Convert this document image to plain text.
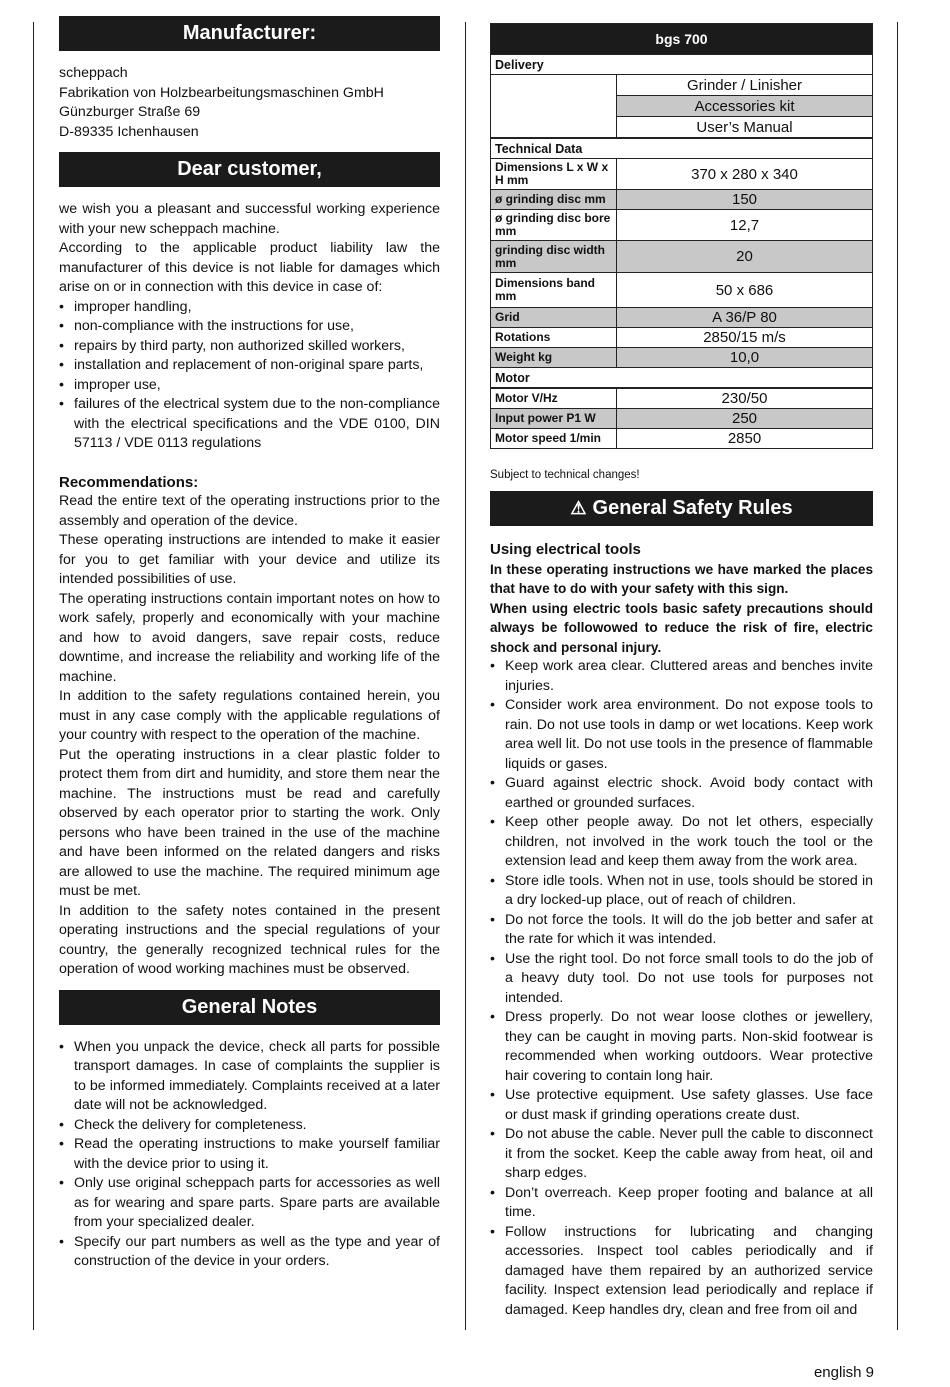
Manufacturer:
scheppach
Fabrikation von Holzbearbeitungsmaschinen GmbH
Günzburger Straße 69
D-89335 Ichenhausen
Dear customer,

we wish you a pleasant and successful working experience with your new scheppach machine.

According to the applicable product liability law the manufacturer of this device is not liable for damages which arise on or in connection with this device in case of:

• improper handling,
• non-compliance with the instructions for use,
• repairs by third party, non authorized skilled workers,
• installation and replacement of non-original spare parts,
• improper use,
• failures of the electrical system due to the non-compliance with the electrical specifications and the VDE 0100, DIN 57113 / VDE 0113 regulations
Recommendations:

Read the entire text of the operating instructions prior to the assembly and operation of the device.

These operating instructions are intended to make it easier for you to get familiar with your device and utilize its intended possibilities of use.

The operating instructions contain important notes on how to work safely, properly and economically with your machine and how to avoid dangers, save repair costs, reduce downtime, and increase the reliability and working life of the machine.

In addition to the safety regulations contained herein, you must in any case comply with the applicable regulations of your country with respect to the operation of the machine.

Put the operating instructions in a clear plastic folder to protect them from dirt and humidity, and store them near the machine. The instructions must be read and carefully observed by each operator prior to starting the work. Only persons who have been trained in the use of the machine and have been informed on the related dangers and risks are allowed to use the machine. The required minimum age must be met.

In addition to the safety notes contained in the present operating instructions and the special regulations of your country, the generally recognized technical rules for the operation of wood working machines must be observed.

General Notes
• When you unpack the device, check all parts for possible transport damages. In case of complaints the supplier is to be informed immediately. Complaints received at a later date will not be acknowledged.
• Check the delivery for completeness.
• Read the operating instructions to make yourself familiar with the device prior to using it.
• Only use original scheppach parts for accessories as well as for wearing and spare parts. Spare parts are available from your specialized dealer.
• Specify our part numbers as well as the type and year of construction of the device in your orders.
bgs 700	
Delivery	
	Grinder / Linisher
	Accessories kit
	User’s Manual
Technical Data	
Dimensions L x W x H mm	370 x 280 x 340
ø grinding disc mm	150
ø grinding disc bore mm	12,7
grinding disc width mm	20
Dimensions band mm	50 x 686
Grid	A 36/P 80
Rotations	2850/15 m/s
Weight kg	10,0
Motor	
Motor V/Hz	230/50
Input power P1 W	250
Motor speed 1/min	2850
Subject to technical changes!
⚠ General Safety Rules
Using electrical tools

In these operating instructions we have marked the places that have to do with your safety with this sign.

When using electric tools basic safety precautions should always be followowed to reduce the risk of fire, electric shock and personal injury.

• Keep work area clear. Cluttered areas and benches invite injuries.
• Consider work area environment. Do not expose tools to rain. Do not use tools in damp or wet locations. Keep work area well lit. Do not use tools in the presence of flammable liquids or gases.
• Guard against electric shock. Avoid body contact with earthed or grounded surfaces.
• Keep other people away. Do not let others, especially children, not involved in the work touch the tool or the extension lead and keep them away from the work area.
• Store idle tools. When not in use, tools should be stored in a dry locked-up place, out of reach of children.
• Do not force the tools. It will do the job better and safer at the rate for which it was intended.
• Use the right tool. Do not force small tools to do the job of a heavy duty tool. Do not use tools for purposes not intended.
• Dress properly. Do not wear loose clothes or jewellery, they can be caught in moving parts. Non-skid footwear is recommended when working outdoors. Wear protective hair covering to contain long hair.
• Use protective equipment. Use safety glasses. Use face or dust mask if grinding operations create dust.
• Do not abuse the cable. Never pull the cable to disconnect it from the socket. Keep the cable away from heat, oil and sharp edges.
• Don’t overreach. Keep proper footing and balance at all time.
• Follow instructions for lubricating and changing accessories. Inspect tool cables periodically and if damaged have them repaired by an authorized service facility. Inspect extension lead periodically and replace if damaged. Keep handles dry, clean and free from oil and
english 9
